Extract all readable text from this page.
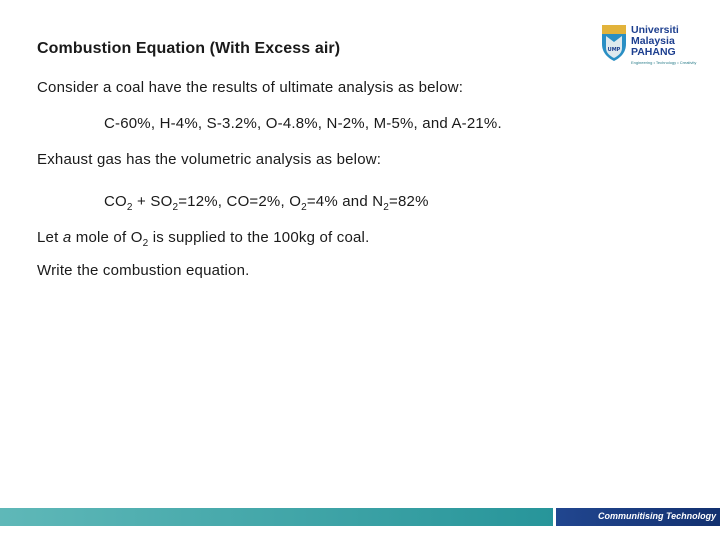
Combustion Equation (With Excess air)
Consider a coal have the results of ultimate analysis as below:
C-60%, H-4%, S-3.2%, O-4.8%, N-2%, M-5%, and A-21%.
Exhaust gas has the volumetric analysis as below:
$CO_2 + SO_2=12\%$, CO=2%, $O_2=4\%$ and $N_2=82\%$
Let a mole of $O_2$ is supplied to the 100kg of coal.
Write the combustion equation.
UMP
Universiti
Malaysia
PAHANG
Engineering • Technology • Creativity
Communitising Technology
